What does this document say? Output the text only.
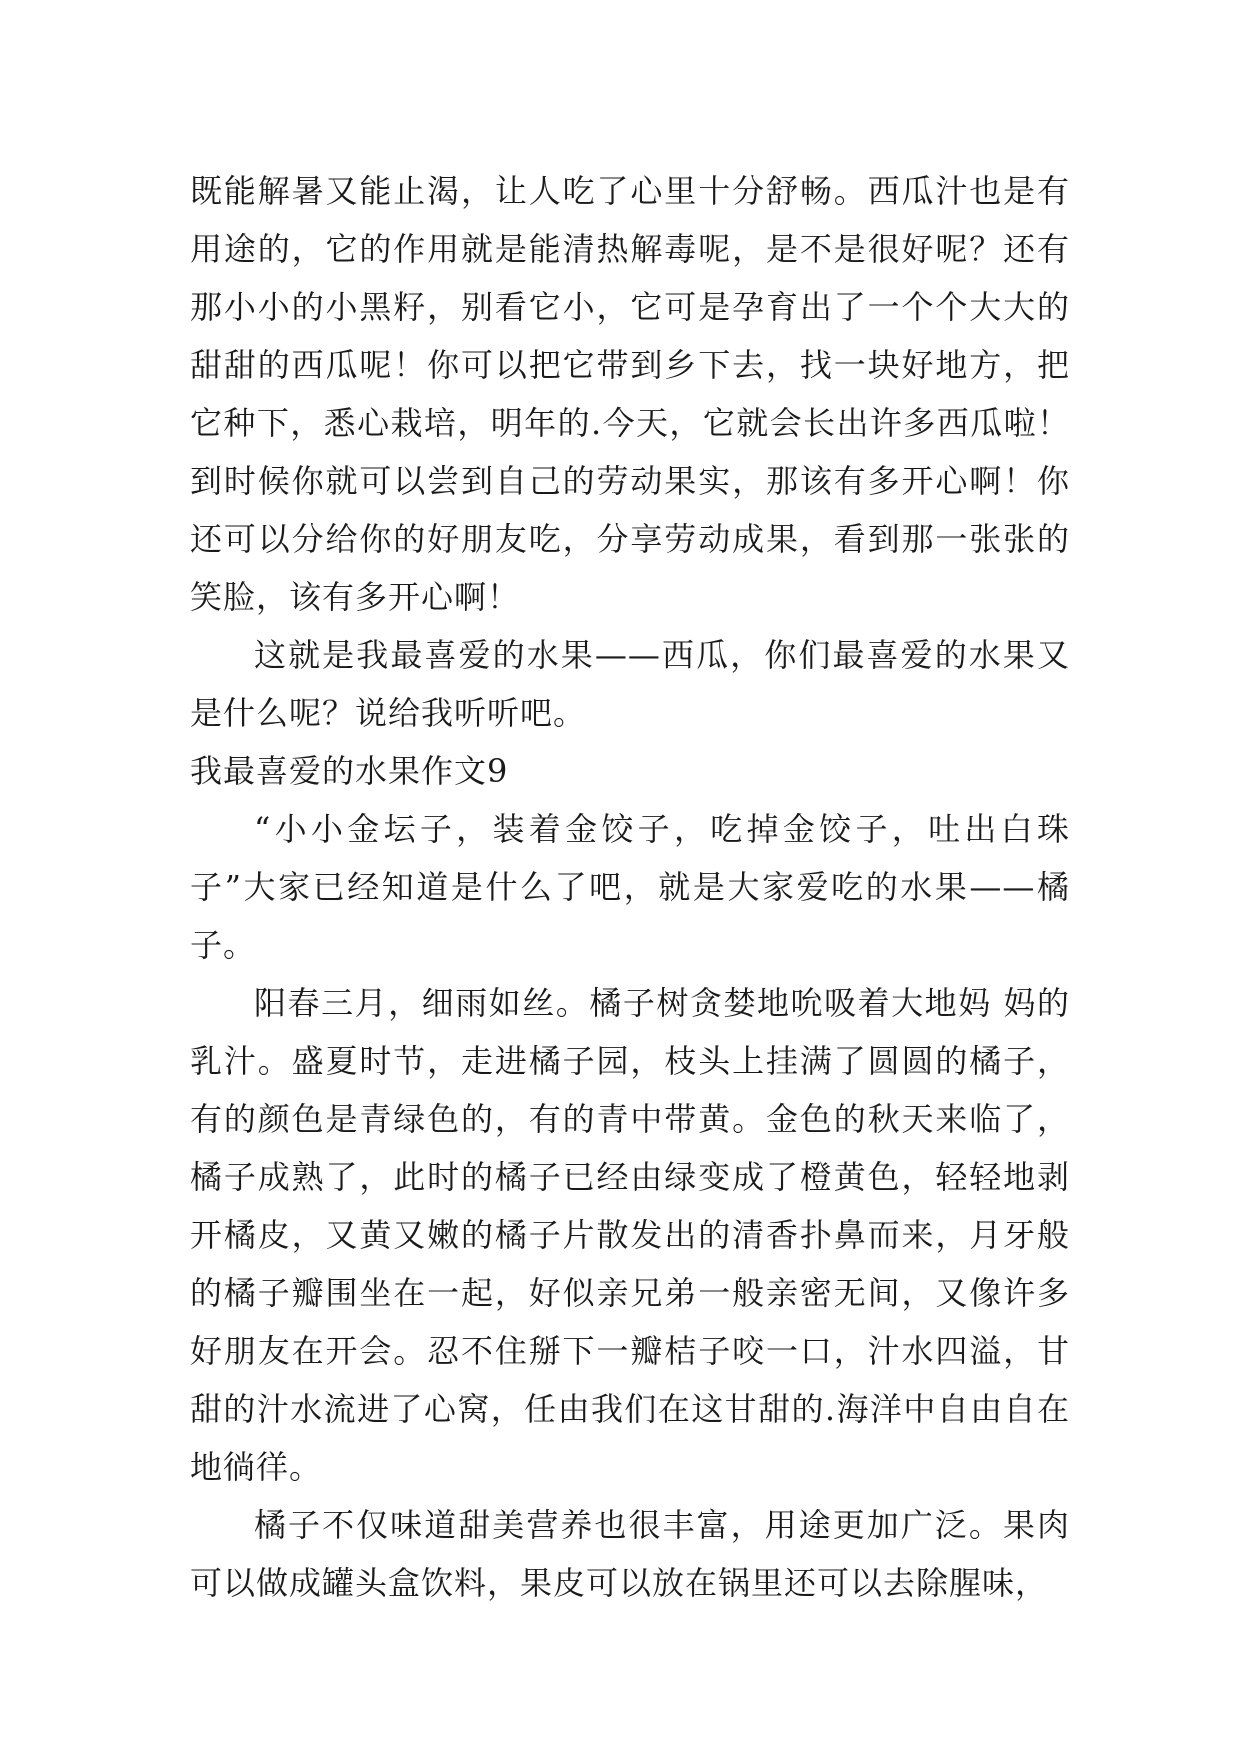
既能解暑又能止渴，让人吃了心里十分舒畅。西瓜汁也是有用途的，它的作用就是能清热解毒呢，是不是很好呢？还有那小小的小黑籽，别看它小，它可是孕育出了一个个大大的甜甜的西瓜呢！你可以把它带到乡下去，找一块好地方，把它种下，悉心栽培，明年的.今天，它就会长出许多西瓜啦！到时候你就可以尝到自己的劳动果实，那该有多开心啊！你还可以分给你的好朋友吃，分享劳动成果，看到那一张张的笑脸，该有多开心啊！

这就是我最喜爱的水果——西瓜，你们最喜爱的水果又是什么呢？说给我听听吧。

我最喜爱的水果作文9

“小小金坛子，装着金饺子，吃掉金饺子，吐出白珠子”大家已经知道是什么了吧，就是大家爱吃的水果——橘子。

阳春三月，细雨如丝。橘子树贪婪地吮吸着大地妈 妈的乳汁。盛夏时节，走进橘子园，枝头上挂满了圆圆的橘子，有的颜色是青绿色的，有的青中带黄。金色的秋天来临了，橘子成熟了，此时的橘子已经由绿变成了橙黄色，轻轻地剥开橘皮，又黄又嫩的橘子片散发出的清香扑鼻而来，月牙般的橘子瓣围坐在一起，好似亲兄弟一般亲密无间，又像许多好朋友在开会。忍不住掰下一瓣桔子咬一口，汁水四溢，甘甜的汁水流进了心窝，任由我们在这甘甜的.海洋中自由自在地徜徉。

橘子不仅味道甜美营养也很丰富，用途更加广泛。果肉可以做成罐头盒饮料，果皮可以放在锅里还可以去除腥味，
